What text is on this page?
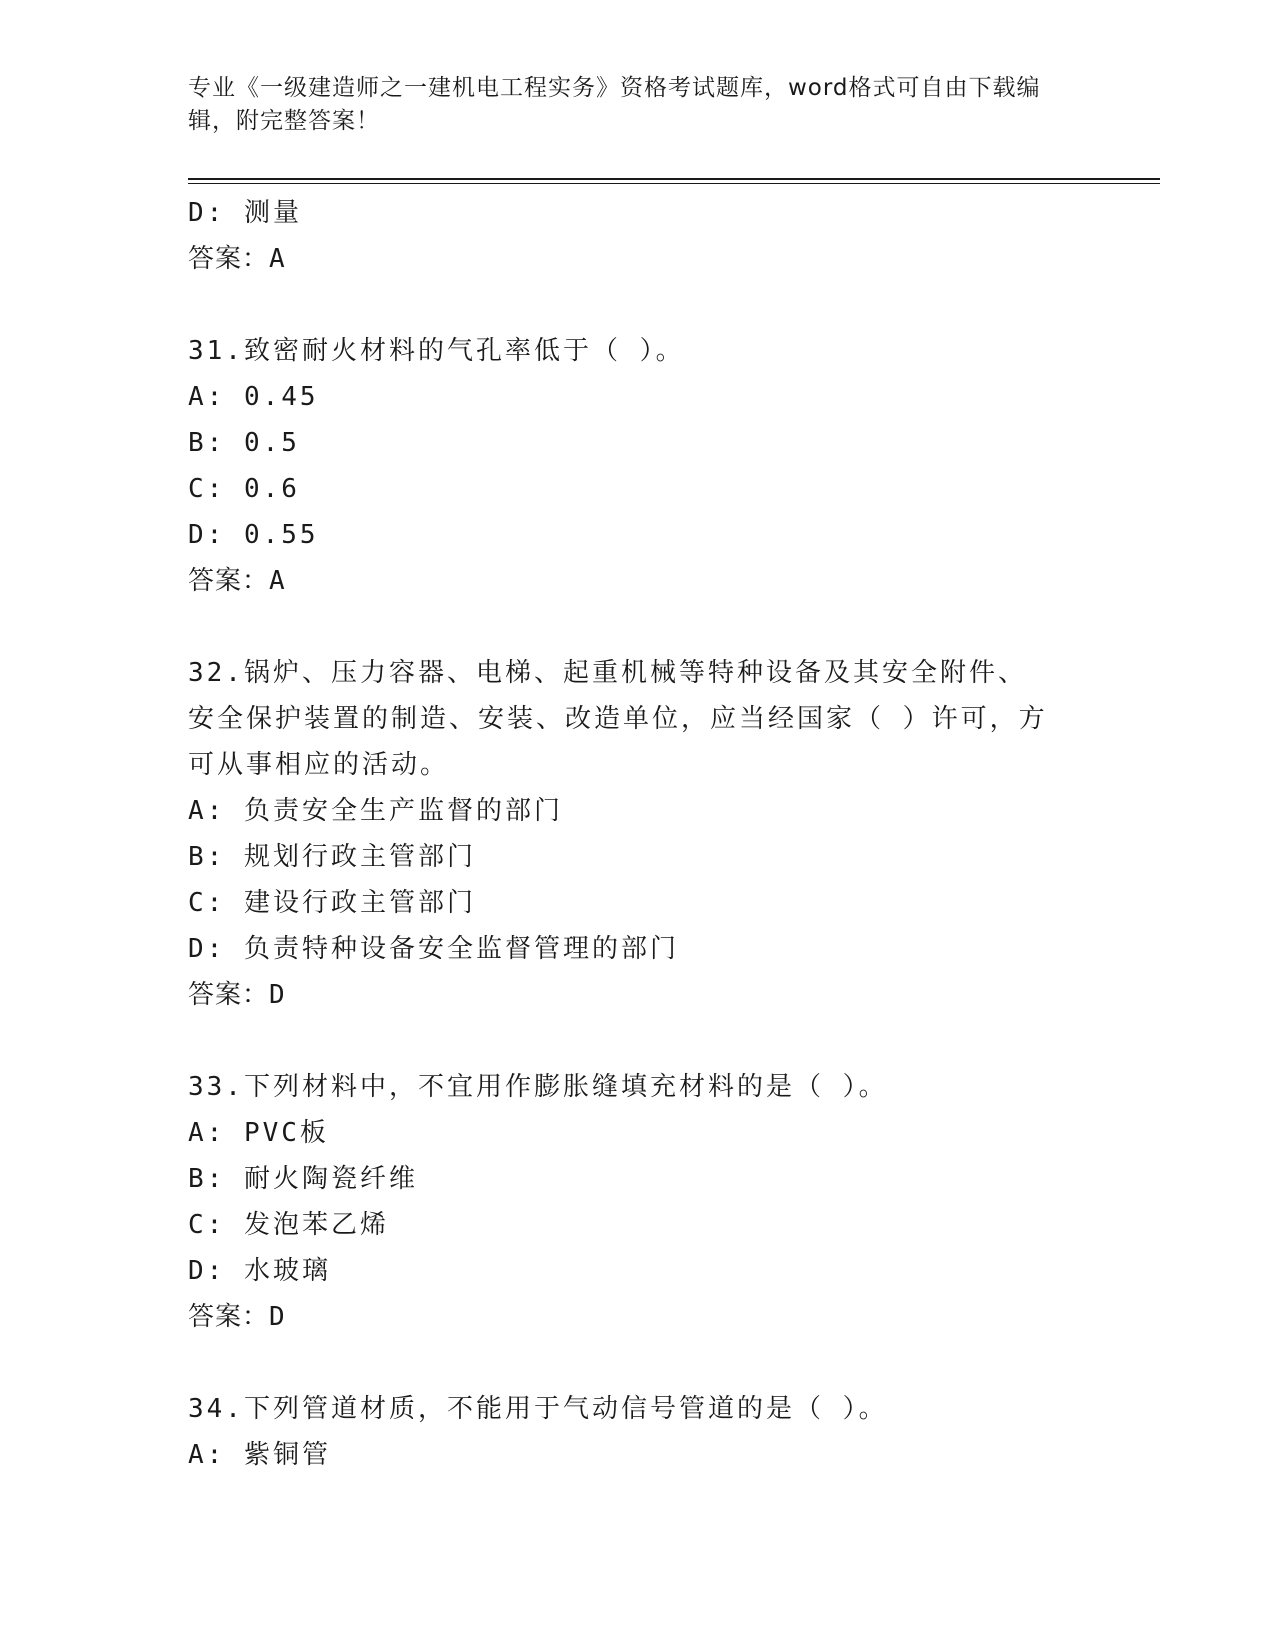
专业《一级建造师之一建机电工程实务》资格考试题库，word格式可自由下载编辑，附完整答案！
D: 测量
答案：A
31.致密耐火材料的气孔率低于（ ）。
A: 0.45
B: 0.5
C: 0.6
D: 0.55
答案：A
32.锅炉、压力容器、电梯、起重机械等特种设备及其安全附件、安全保护装置的制造、安装、改造单位，应当经国家（ ）许可，方可从事相应的活动。
A: 负责安全生产监督的部门
B: 规划行政主管部门
C: 建设行政主管部门
D: 负责特种设备安全监督管理的部门
答案：D
33.下列材料中，不宜用作膨胀缝填充材料的是（ ）。
A: PVC板
B: 耐火陶瓷纤维
C: 发泡苯乙烯
D: 水玻璃
答案：D
34.下列管道材质，不能用于气动信号管道的是（ ）。
A: 紫铜管
